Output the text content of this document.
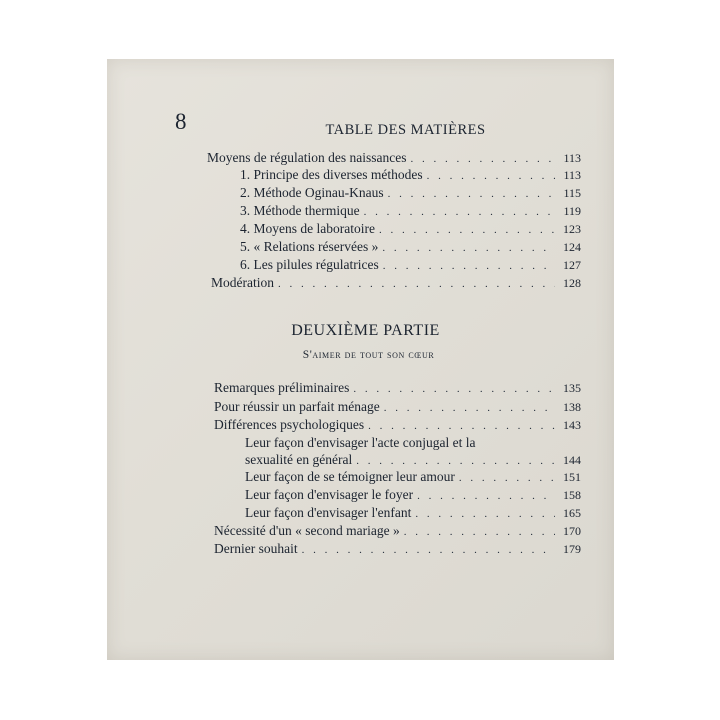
8	TABLE DES MATIÈRES
Moyens de régulation des naissances . . .	113
1. Principe des diverses méthodes . . .	113
2. Méthode Oginau-Knaus . . .	115
3. Méthode thermique . . .	119
4. Moyens de laboratoire . . .	123
5. « Relations réservées » . . .	124
6. Les pilules régulatrices . . .	127
Modération . . .	128
DEUXIÈME PARTIE
S'aimer de tout son cœur
Remarques préliminaires . . .	135
Pour réussir un parfait ménage . . .	138
Différences psychologiques . . .	143
Leur façon d'envisager l'acte conjugal et la
sexualité en général . . .	144
Leur façon de se témoigner leur amour . . .	151
Leur façon d'envisager le foyer . . .	158
Leur façon d'envisager l'enfant . . .	165
Nécessité d'un « second mariage » . . .	170
Dernier souhait . . .	179
